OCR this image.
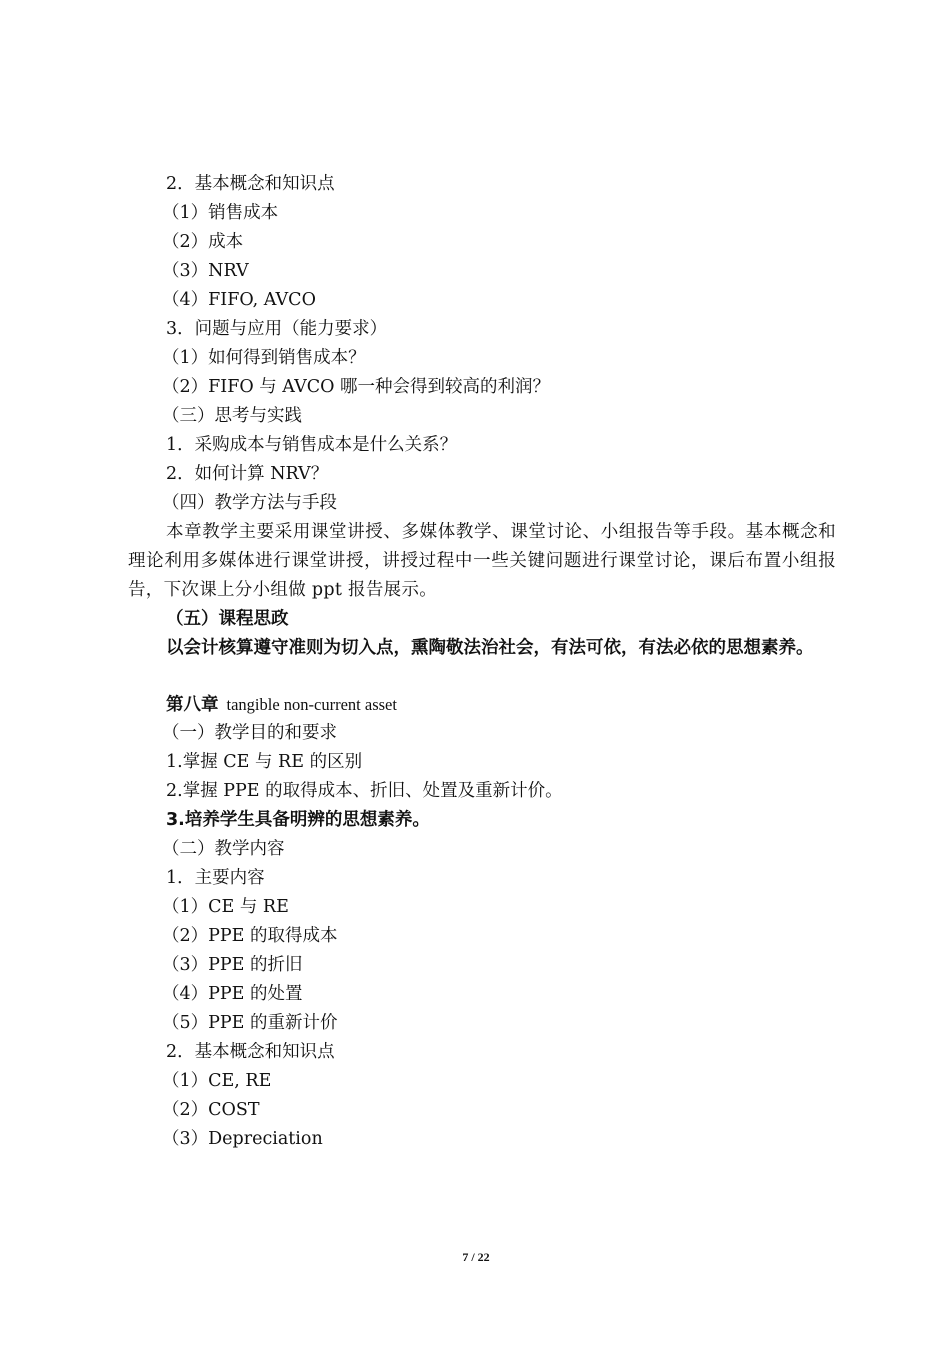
2．基本概念和知识点
（1）销售成本
（2）成本
（3）NRV
（4）FIFO, AVCO
3．问题与应用（能力要求）
（1）如何得到销售成本？
（2）FIFO 与 AVCO 哪一种会得到较高的利润？
（三）思考与实践
1．采购成本与销售成本是什么关系？
2．如何计算 NRV？
（四）教学方法与手段
本章教学主要采用课堂讲授、多媒体教学、课堂讨论、小组报告等手段。基本概念和理论利用多媒体进行课堂讲授，讲授过程中一些关键问题进行课堂讨论，课后布置小组报告，下次课上分小组做 ppt 报告展示。
（五）课程思政
以会计核算遵守准则为切入点，熏陶敬法治社会，有法可依，有法必依的思想素养。
第八章 tangible non-current asset
（一）教学目的和要求
1.掌握 CE 与 RE 的区别
2.掌握 PPE 的取得成本、折旧、处置及重新计价。
3.培养学生具备明辨的思想素养。
（二）教学内容
1．主要内容
（1）CE 与 RE
（2）PPE 的取得成本
（3）PPE 的折旧
（4）PPE 的处置
（5）PPE 的重新计价
2．基本概念和知识点
（1）CE, RE
（2）COST
（3）Depreciation
7 / 22
